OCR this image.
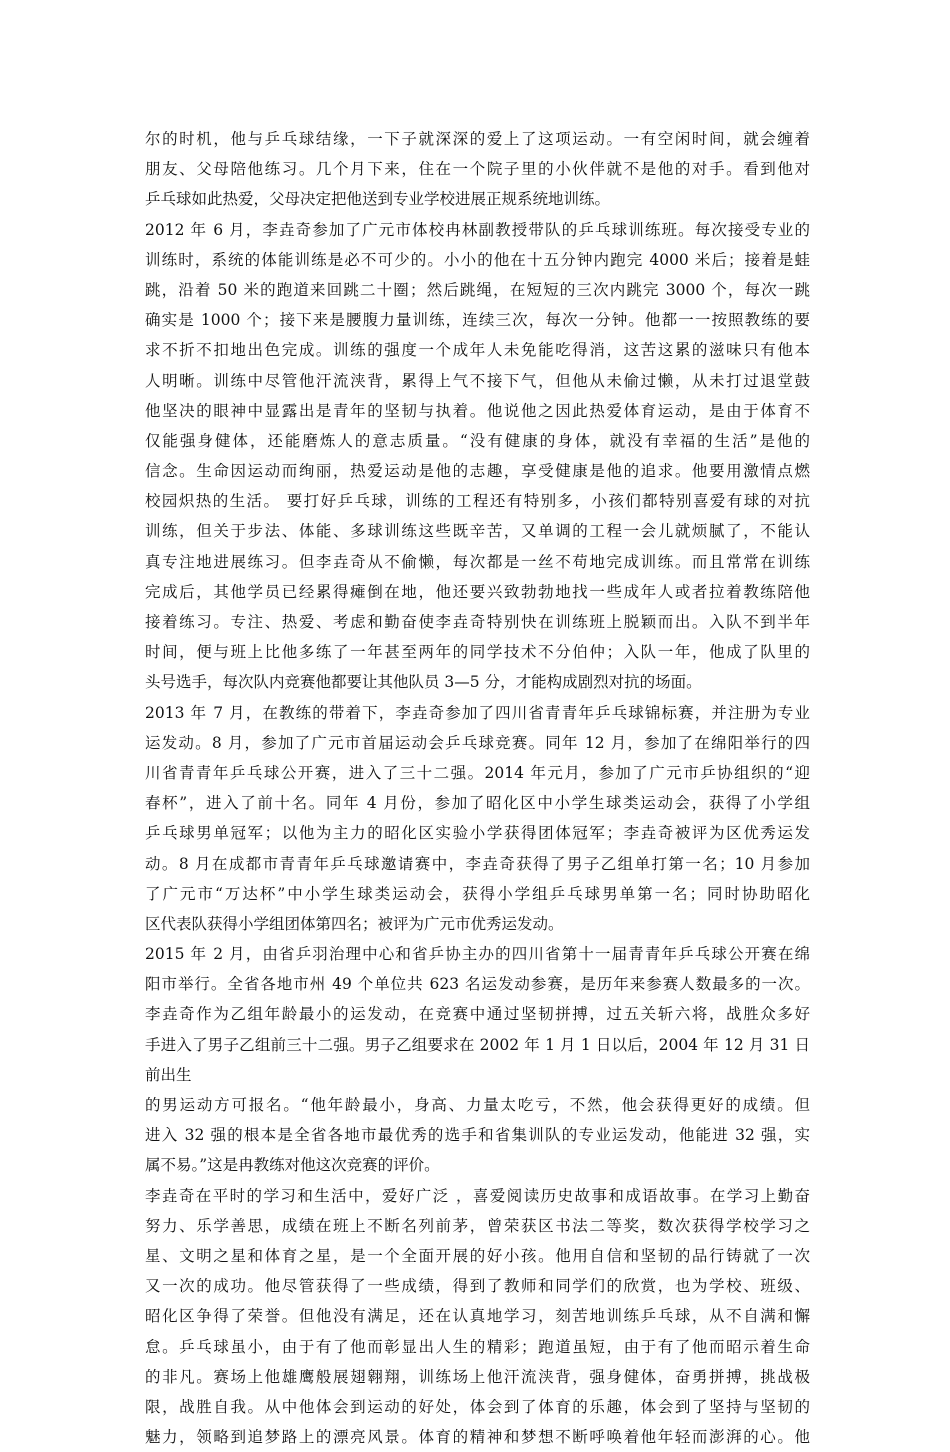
尔的时机，他与乒乓球结缘，一下子就深深的爱上了这项运动。一有空闲时间，就会缠着
朋友、父母陪他练习。几个月下来，住在一个院子里的小伙伴就不是他的对手。看到他对
乒乓球如此热爱，父母决定把他送到专业学校进展正规系统地训练。
2012 年 6 月，李垚奇参加了广元市体校冉林副教授带队的乒乓球训练班。每次接受专业的
训练时，系统的体能训练是必不可少的。小小的他在十五分钟内跑完 4000 米后；接着是蛙
跳，沿着 50 米的跑道来回跳二十圈；然后跳绳，在短短的三次内跳完 3000 个，每次一跳
确实是 1000 个；接下来是腰腹力量训练，连续三次，每次一分钟。他都一一按照教练的要
求不折不扣地出色完成。训练的强度一个成年人未免能吃得消，这苦这累的滋味只有他本
人明晰。训练中尽管他汗流浃背，累得上气不接下气，但他从未偷过懒，从未打过退堂鼓
他坚决的眼神中显露出是青年的坚韧与执着。他说他之因此热爱体育运动，是由于体育不
仅能强身健体，还能磨炼人的意志质量。“没有健康的身体，就没有幸福的生活”是他的
信念。生命因运动而绚丽，热爱运动是他的志趣，享受健康是他的追求。他要用激情点燃
校园炽热的生活。 要打好乒乓球，训练的工程还有特别多，小孩们都特别喜爱有球的对抗
训练，但关于步法、体能、多球训练这些既辛苦，又单调的工程一会儿就烦腻了，不能认
真专注地进展练习。但李垚奇从不偷懒，每次都是一丝不苟地完成训练。而且常常在训练
完成后，其他学员已经累得瘫倒在地，他还要兴致勃勃地找一些成年人或者拉着教练陪他
接着练习。专注、热爱、考虑和勤奋使李垚奇特别快在训练班上脱颖而出。入队不到半年
时间，便与班上比他多练了一年甚至两年的同学技术不分伯仲；入队一年，他成了队里的
头号选手，每次队内竞赛他都要让其他队员 3—5 分，才能构成剧烈对抗的场面。
2013 年 7 月，在教练的带着下，李垚奇参加了四川省青青年乒乓球锦标赛，并注册为专业
运发动。8 月，参加了广元市首届运动会乒乓球竞赛。同年 12 月，参加了在绵阳举行的四
川省青青年乒乓球公开赛，进入了三十二强。2014 年元月，参加了广元市乒协组织的“迎
春杯”，进入了前十名。同年 4 月份，参加了昭化区中小学生球类运动会，获得了小学组
乒乓球男单冠军；以他为主力的昭化区实验小学获得团体冠军；李垚奇被评为区优秀运发
动。8 月在成都市青青年乒乓球邀请赛中，李垚奇获得了男子乙组单打第一名；10 月参加
了广元市“万达杯”中小学生球类运动会，获得小学组乒乓球男单第一名；同时协助昭化
区代表队获得小学组团体第四名；被评为广元市优秀运发动。
2015 年 2 月，由省乒羽治理中心和省乒协主办的四川省第十一届青青年乒乓球公开赛在绵
阳市举行。全省各地市州 49 个单位共 623 名运发动参赛，是历年来参赛人数最多的一次。
李垚奇作为乙组年龄最小的运发动，在竞赛中通过坚韧拼搏，过五关斩六将，战胜众多好
手进入了男子乙组前三十二强。男子乙组要求在 2002 年 1 月 1 日以后，2004 年 12 月 31 日
前出生
的男运动方可报名。“他年龄最小，身高、力量太吃亏，不然，他会获得更好的成绩。但
进入 32 强的根本是全省各地市最优秀的选手和省集训队的专业运发动，他能进 32 强，实
属不易。”这是冉教练对他这次竞赛的评价。
李垚奇在平时的学习和生活中，爱好广泛 ，喜爱阅读历史故事和成语故事。在学习上勤奋
努力、乐学善思，成绩在班上不断名列前茅，曾荣获区书法二等奖，数次获得学校学习之
星、文明之星和体育之星，是一个全面开展的好小孩。他用自信和坚韧的品行铸就了一次
又一次的成功。他尽管获得了一些成绩，得到了教师和同学们的欣赏，也为学校、班级、
昭化区争得了荣誉。但他没有满足，还在认真地学习，刻苦地训练乒乓球，从不自满和懈
怠。乒乓球虽小，由于有了他而彰显出人生的精彩；跑道虽短，由于有了他而昭示着生命
的非凡。赛场上他雄鹰般展翅翱翔，训练场上他汗流浃背，强身健体，奋勇拼搏，挑战极
限，战胜自我。从中他体会到运动的好处，体会到了体育的乐趣，体会到了坚持与坚韧的
魅力，领略到追梦路上的漂亮风景。体育的精神和梦想不断呼唤着他年轻而澎湃的心。他
